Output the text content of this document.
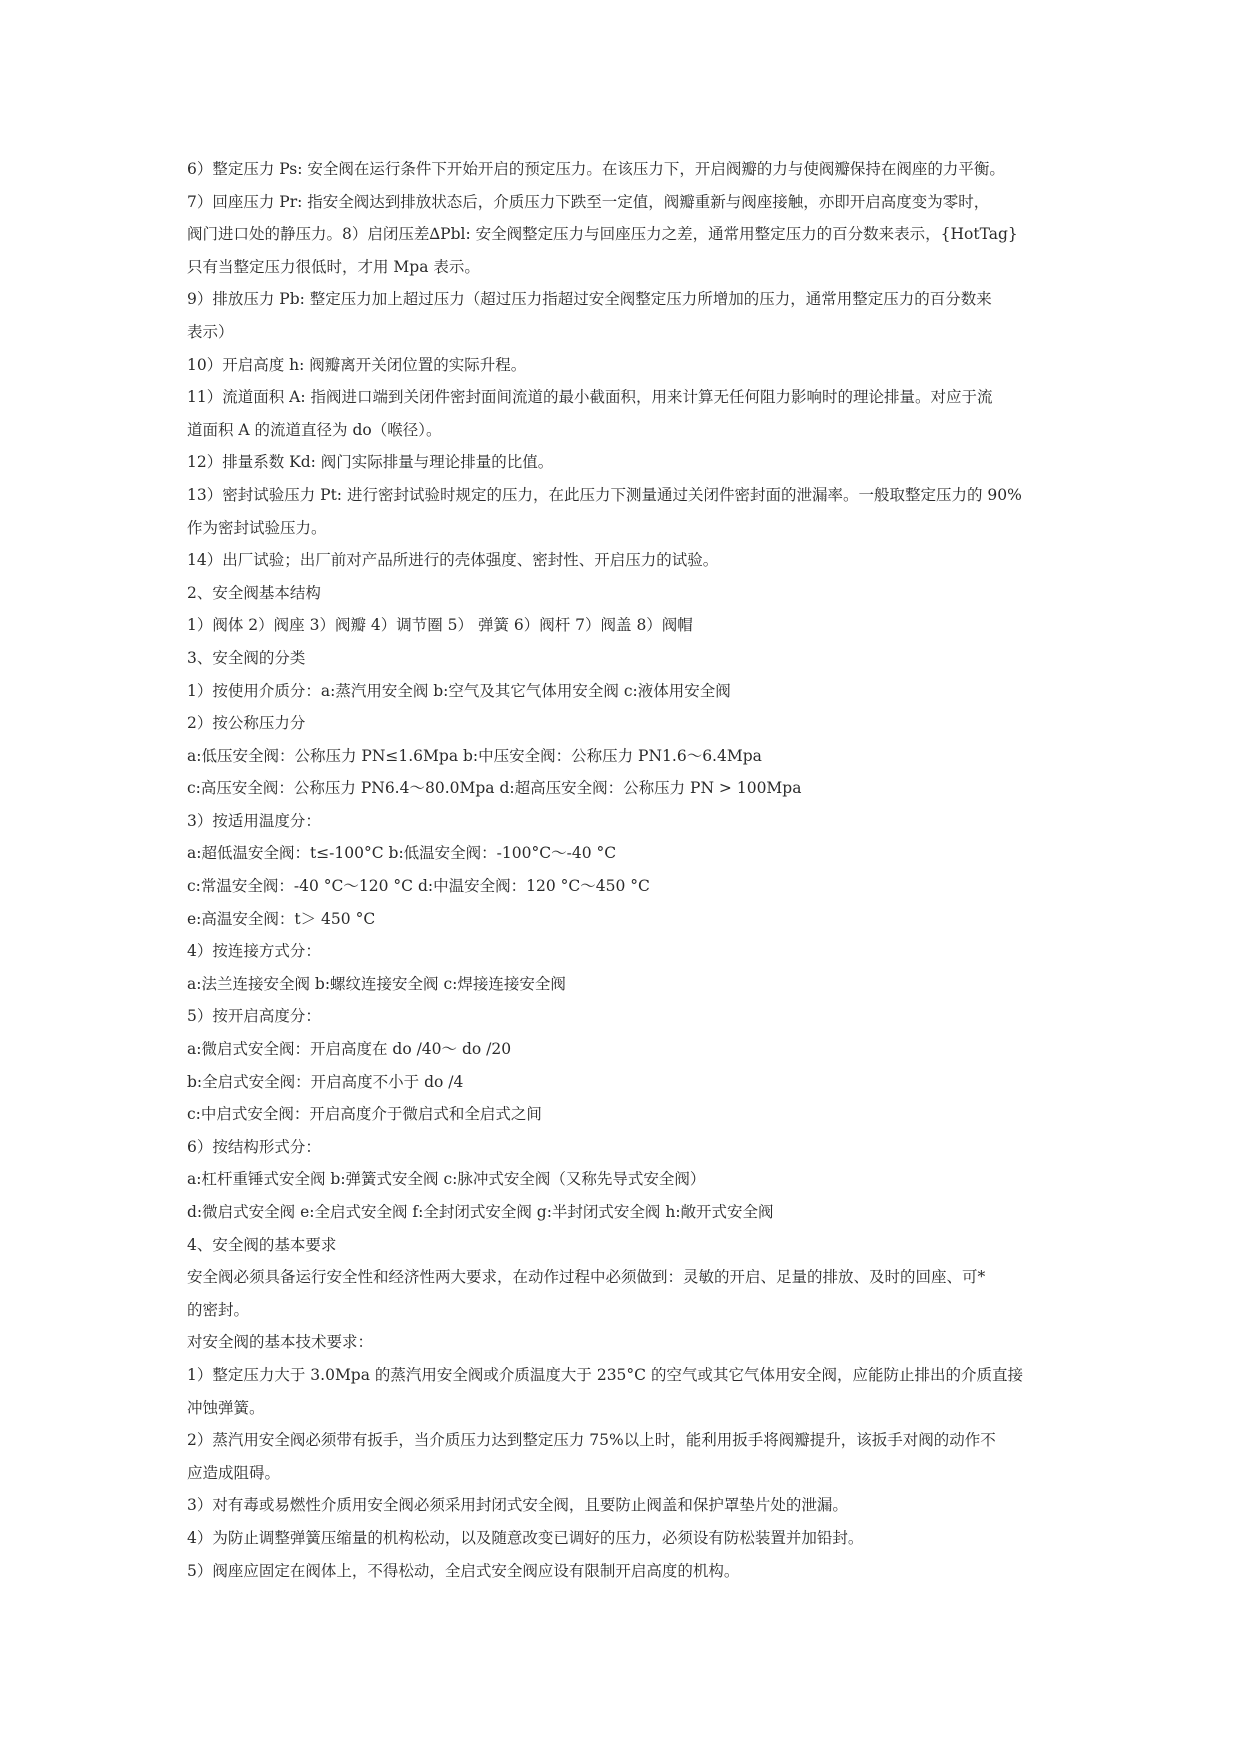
6）整定压力 Ps: 安全阀在运行条件下开始开启的预定压力。在该压力下，开启阀瓣的力与使阀瓣保持在阀座的力平衡。
7）回座压力 Pr: 指安全阀达到排放状态后，介质压力下跌至一定值，阀瓣重新与阀座接触，亦即开启高度变为零时，
阀门进口处的静压力。8）启闭压差∆Pbl: 安全阀整定压力与回座压力之差，通常用整定压力的百分数来表示，{HotTag}
只有当整定压力很低时，才用 Mpa 表示。
9）排放压力 Pb: 整定压力加上超过压力（超过压力指超过安全阀整定压力所增加的压力，通常用整定压力的百分数来
表示）
10）开启高度 h: 阀瓣离开关闭位置的实际升程。
11）流道面积 A: 指阀进口端到关闭件密封面间流道的最小截面积，用来计算无任何阻力影响时的理论排量。对应于流
道面积 A 的流道直径为 do（喉径）。
12）排量系数 Kd: 阀门实际排量与理论排量的比值。
13）密封试验压力 Pt: 进行密封试验时规定的压力，在此压力下测量通过关闭件密封面的泄漏率。一般取整定压力的 90%
作为密封试验压力。
14）出厂试验；出厂前对产品所进行的壳体强度、密封性、开启压力的试验。
2、安全阀基本结构
1）阀体 2）阀座 3）阀瓣 4）调节圈 5） 弹簧 6）阀杆 7）阀盖 8）阀帽
3、安全阀的分类
1）按使用介质分：a:蒸汽用安全阀 b:空气及其它气体用安全阀 c:液体用安全阀
2）按公称压力分
a:低压安全阀：公称压力 PN≤1.6Mpa b:中压安全阀：公称压力 PN1.6～6.4Mpa
c:高压安全阀：公称压力 PN6.4～80.0Mpa d:超高压安全阀：公称压力 PN > 100Mpa
3）按适用温度分：
a:超低温安全阀：t≤-100°C b:低温安全阀：-100°C～-40 °C
c:常温安全阀：-40 °C～120 °C d:中温安全阀：120 °C～450 °C
e:高温安全阀：t＞ 450 °C
4）按连接方式分：
a:法兰连接安全阀 b:螺纹连接安全阀 c:焊接连接安全阀
5）按开启高度分：
a:微启式安全阀：开启高度在 do /40～ do /20
b:全启式安全阀：开启高度不小于 do /4
c:中启式安全阀：开启高度介于微启式和全启式之间
6）按结构形式分：
a:杠杆重锤式安全阀 b:弹簧式安全阀 c:脉冲式安全阀（又称先导式安全阀）
d:微启式安全阀 e:全启式安全阀 f:全封闭式安全阀 g:半封闭式安全阀 h:敞开式安全阀
4、安全阀的基本要求
安全阀必须具备运行安全性和经济性两大要求，在动作过程中必须做到：灵敏的开启、足量的排放、及时的回座、可*
的密封。
对安全阀的基本技术要求：
1）整定压力大于 3.0Mpa 的蒸汽用安全阀或介质温度大于 235°C 的空气或其它气体用安全阀，应能防止排出的介质直接
冲蚀弹簧。
2）蒸汽用安全阀必须带有扳手，当介质压力达到整定压力 75%以上时，能利用扳手将阀瓣提升，该扳手对阀的动作不
应造成阻碍。
3）对有毒或易燃性介质用安全阀必须采用封闭式安全阀，且要防止阀盖和保护罩垫片处的泄漏。
4）为防止调整弹簧压缩量的机构松动，以及随意改变已调好的压力，必须设有防松装置并加铅封。
5）阀座应固定在阀体上，不得松动，全启式安全阀应设有限制开启高度的机构。
